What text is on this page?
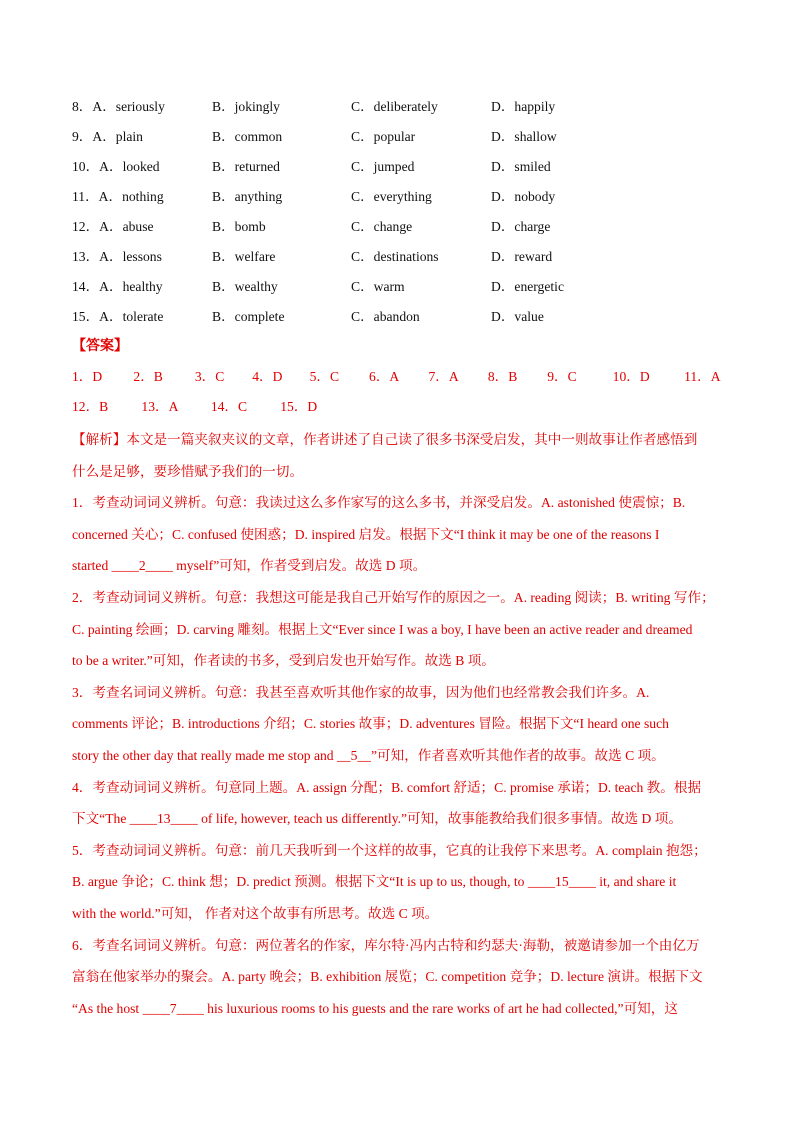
8．A．seriously	B．jokingly	C．deliberately	D．happily
9．A．plain	B．common	C．popular	D．shallow
10．A．looked	B．returned	C．jumped	D．smiled
11．A．nothing	B．anything	C．everything	D．nobody
12．A．abuse	B．bomb	C．change	D．charge
13．A．lessons	B．welfare	C．destinations	D．reward
14．A．healthy	B．wealthy	C．warm	D．energetic
15．A．tolerate	B．complete	C．abandon	D．value
【答案】
1．D 2．B 3．C 4．D 5．C 6．A 7．A 8．B 9．C	10．D	11．A
12．B 13．A 14．C 15．D

【解析】本文是一篇夹叙夹议的文章，作者讲述了自己读了很多书深受启发，其中一则故事让作者感悟到

什么是足够，要珍惜赋予我们的一切。

1．考查动词词义辨析。句意：我读过这么多作家写的这么多书，并深受启发。A. astonished 使震惊；B.

concerned 关心；C. confused 使困惑；D. inspired 启发。根据下文“I think it may be one of the reasons I

started ____2____ myself”可知，作者受到启发。故选 D 项。

2．考查动词词义辨析。句意：我想这可能是我自己开始写作的原因之一。A. reading 阅读；B. writing 写作；

C. painting 绘画；D. carving 雕刻。根据上文“Ever since I was a boy, I have been an active reader and dreamed

to be a writer.”可知，作者读的书多，受到启发也开始写作。故选 B 项。

3．考查名词词义辨析。句意：我甚至喜欢听其他作家的故事，因为他们也经常教会我们许多。A.

comments 评论；B. introductions 介绍；C. stories 故事；D. adventures 冒险。根据下文“I heard one such

story the other day that really made me stop and __5__”可知，作者喜欢听其他作者的故事。故选 C 项。

4．考查动词词义辨析。句意同上题。A. assign 分配；B. comfort 舒适；C. promise 承诺；D. teach 教。根据

下文“The ____13____ of life, however, teach us differently.”可知，故事能教给我们很多事情。故选 D 项。

5．考查动词词义辨析。句意：前几天我听到一个这样的故事，它真的让我停下来思考。A. complain 抱怨；

B. argue 争论；C. think 想；D. predict 预测。根据下文“It is up to us, though, to ____15____ it, and share it

with the world.”可知， 作者对这个故事有所思考。故选 C 项。

6．考查名词词义辨析。句意：两位著名的作家，库尔特·冯内古特和约瑟夫·海勒，被邀请参加一个由亿万

富翁在他家举办的聚会。A. party 晚会；B. exhibition 展览；C. competition 竞争；D. lecture 演讲。根据下文

“As the host ____7____ his luxurious rooms to his guests and the rare works of art he had collected,”可知，这
